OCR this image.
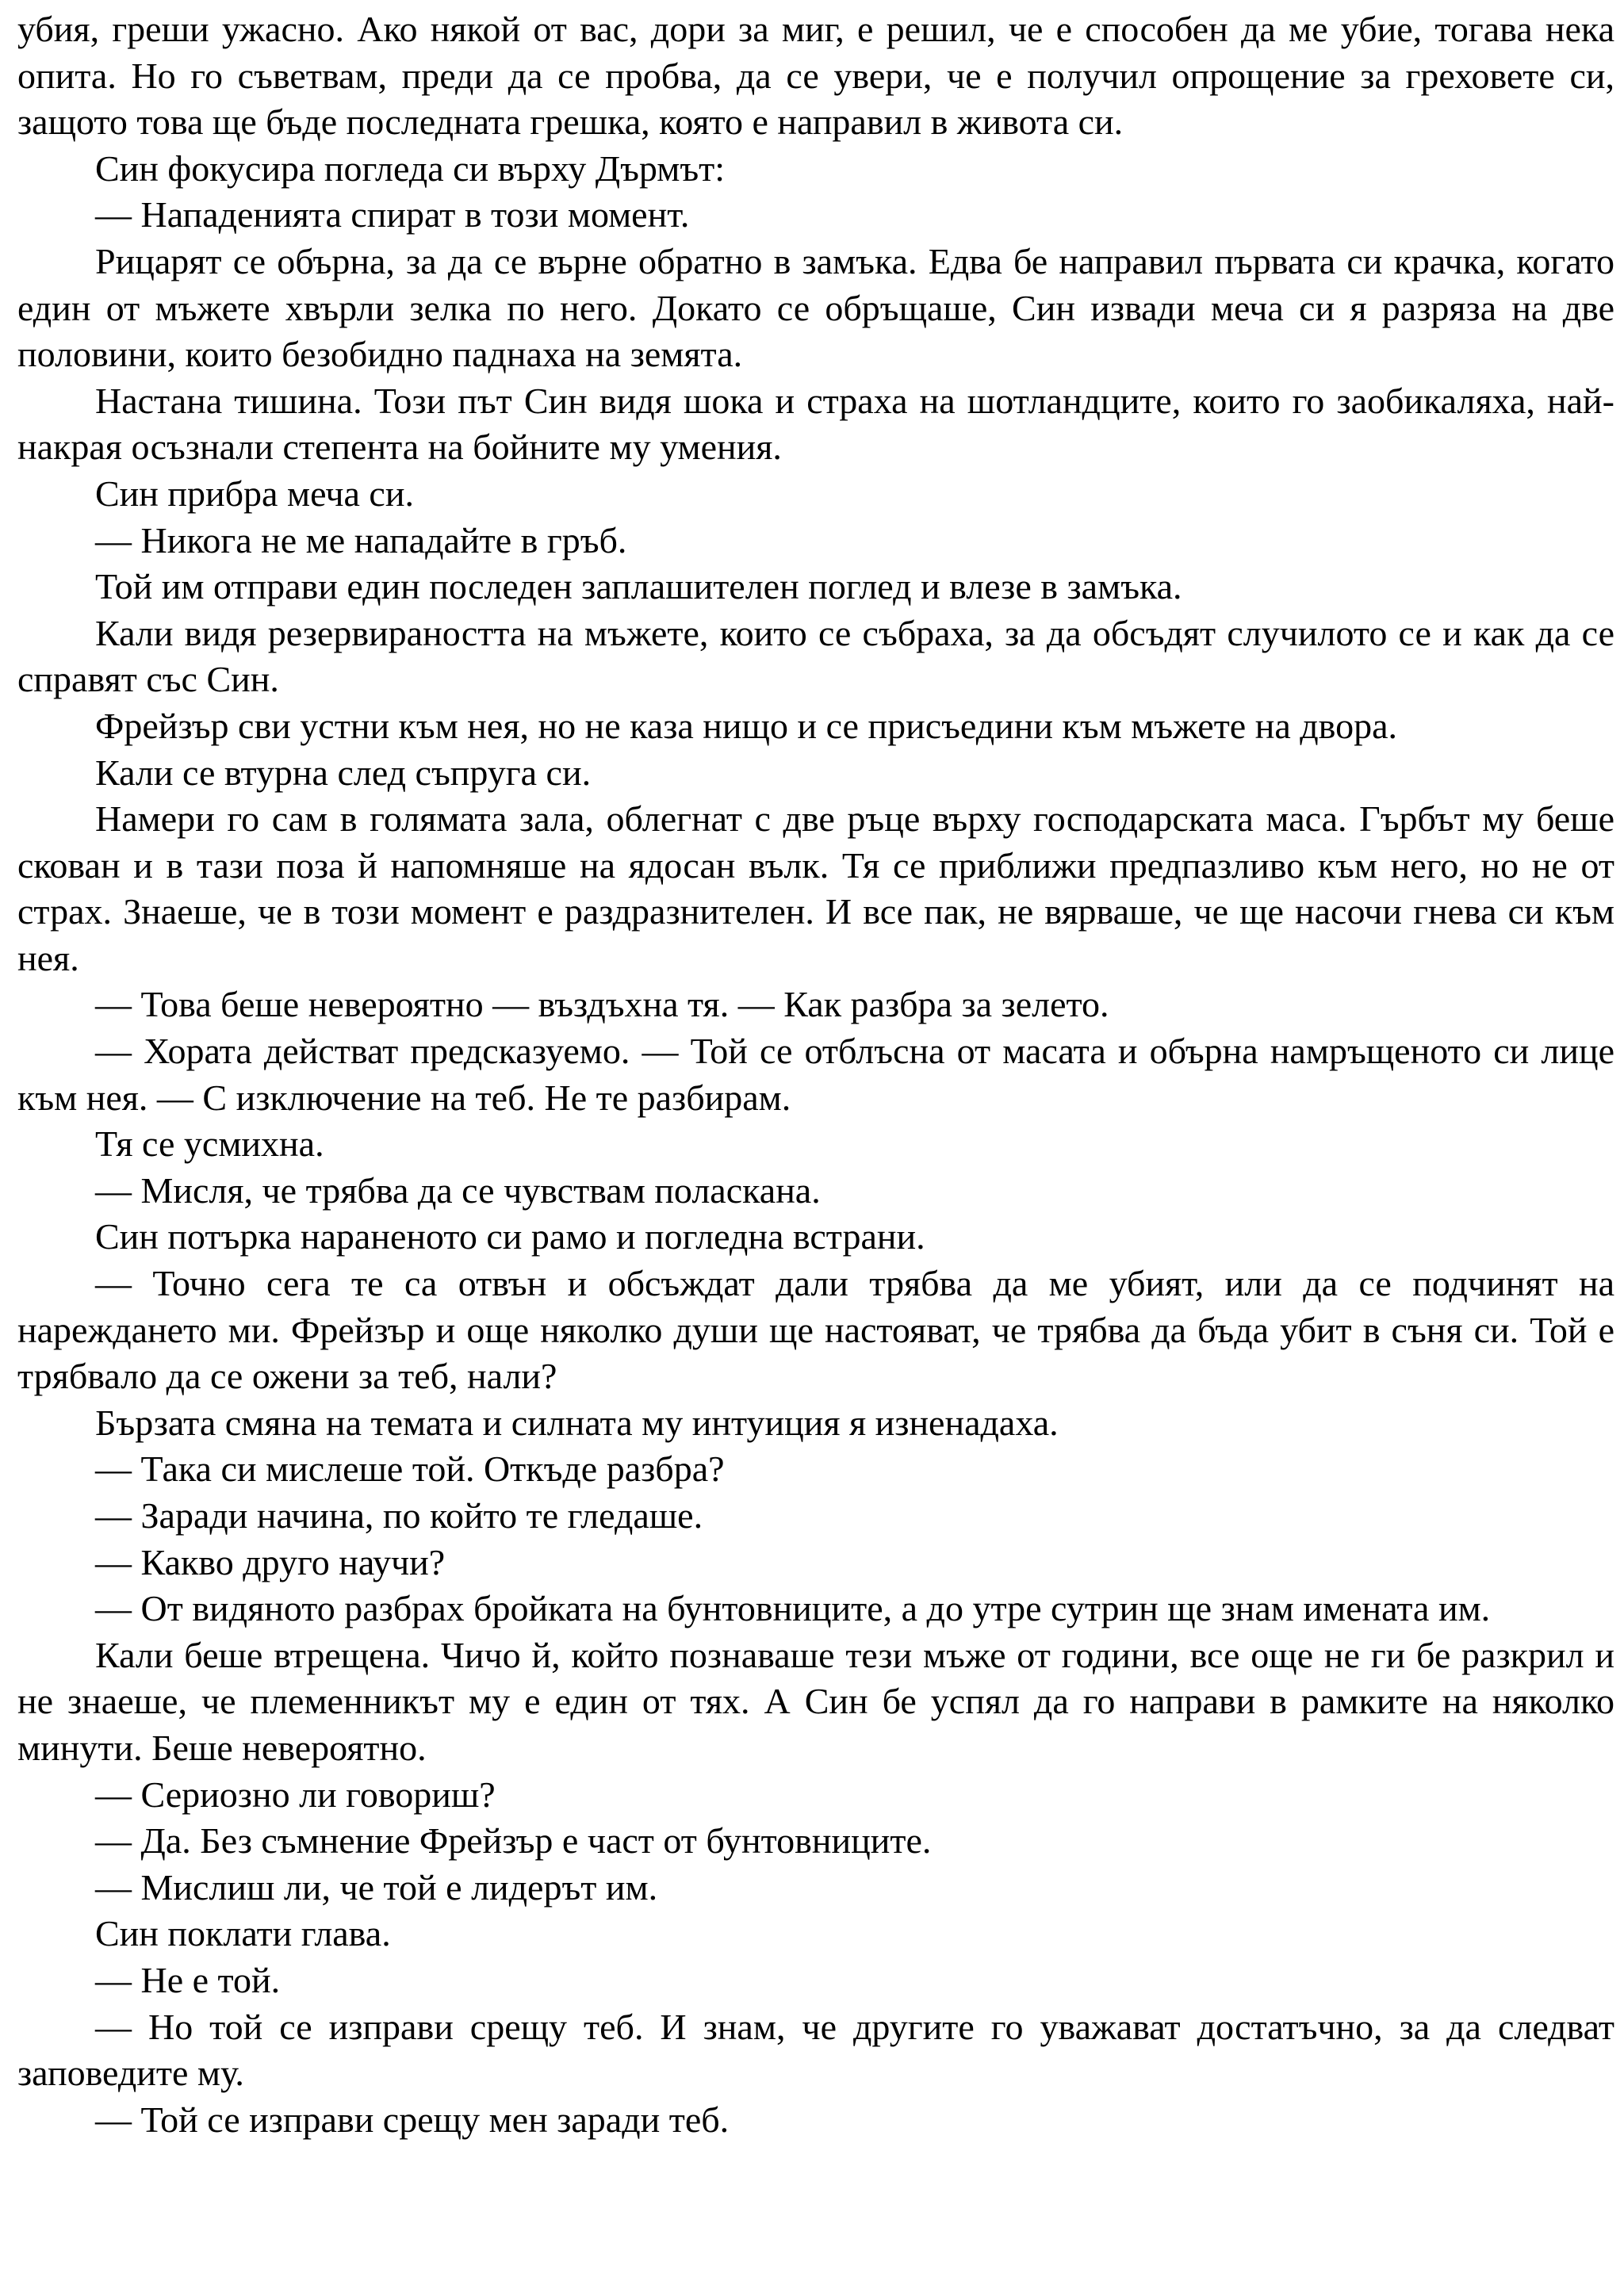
убия, греши ужасно. Ако някой от вас, дори за миг, е решил, че е способен да ме убие, тогава нека опита. Но го съветвам, преди да се пробва, да се увери, че е получил опрощение за греховете си, защото това ще бъде последната грешка, която е направил в живота си.

Син фокусира погледа си върху Дърмът:

— Нападенията спират в този момент.

Рицарят се обърна, за да се върне обратно в замъка. Едва бе направил първата си крачка, когато един от мъжете хвърли зелка по него. Докато се обръщаше, Син извади меча си я разряза на две половини, които безобидно паднаха на земята.

Настана тишина. Този път Син видя шока и страха на шотландците, които го заобикаляха, най-накрая осъзнали степента на бойните му умения.

Син прибра меча си.

— Никога не ме нападайте в гръб.

Той им отправи един последен заплашителен поглед и влезе в замъка.

Кали видя резервираността на мъжете, които се събраха, за да обсъдят случилото се и как да се справят със Син.

Фрейзър сви устни към нея, но не каза нищо и се присъедини към мъжете на двора.

Кали се втурна след съпруга си.

Намери го сам в голямата зала, облегнат с две ръце върху господарската маса. Гърбът му беше скован и в тази поза й напомняше на ядосан вълк. Тя се приближи предпазливо към него, но не от страх. Знаеше, че в този момент е раздразнителен. И все пак, не вярваше, че ще насочи гнева си към нея.

— Това беше невероятно — въздъхна тя. — Как разбра за зелето.

— Хората действат предсказуемо. — Той се отблъсна от масата и обърна намръщеното си лице към нея. — С изключение на теб. Не те разбирам.

Тя се усмихна.

— Мисля, че трябва да се чувствам поласкана.

Син потърка нараненото си рамо и погледна встрани.

— Точно сега те са отвън и обсъждат дали трябва да ме убият, или да се подчинят на нареждането ми. Фрейзър и още няколко души ще настояват, че трябва да бъда убит в съня си. Той е трябвало да се ожени за теб, нали?

Бързата смяна на темата и силната му интуиция я изненадаха.

— Така си мислеше той. Откъде разбра?

— Заради начина, по който те гледаше.

— Какво друго научи?

— От видяното разбрах бройката на бунтовниците, а до утре сутрин ще знам имената им.

Кали беше втрещена. Чичо й, който познаваше тези мъже от години, все още не ги бе разкрил и не знаеше, че племенникът му е един от тях. А Син бе успял да го направи в рамките на няколко минути. Беше невероятно.

— Сериозно ли говориш?

— Да. Без съмнение Фрейзър е част от бунтовниците.

— Мислиш ли, че той е лидерът им.

Син поклати глава.

— Не е той.

— Но той се изправи срещу теб. И знам, че другите го уважават достатъчно, за да следват заповедите му.

— Той се изправи срещу мен заради теб.
